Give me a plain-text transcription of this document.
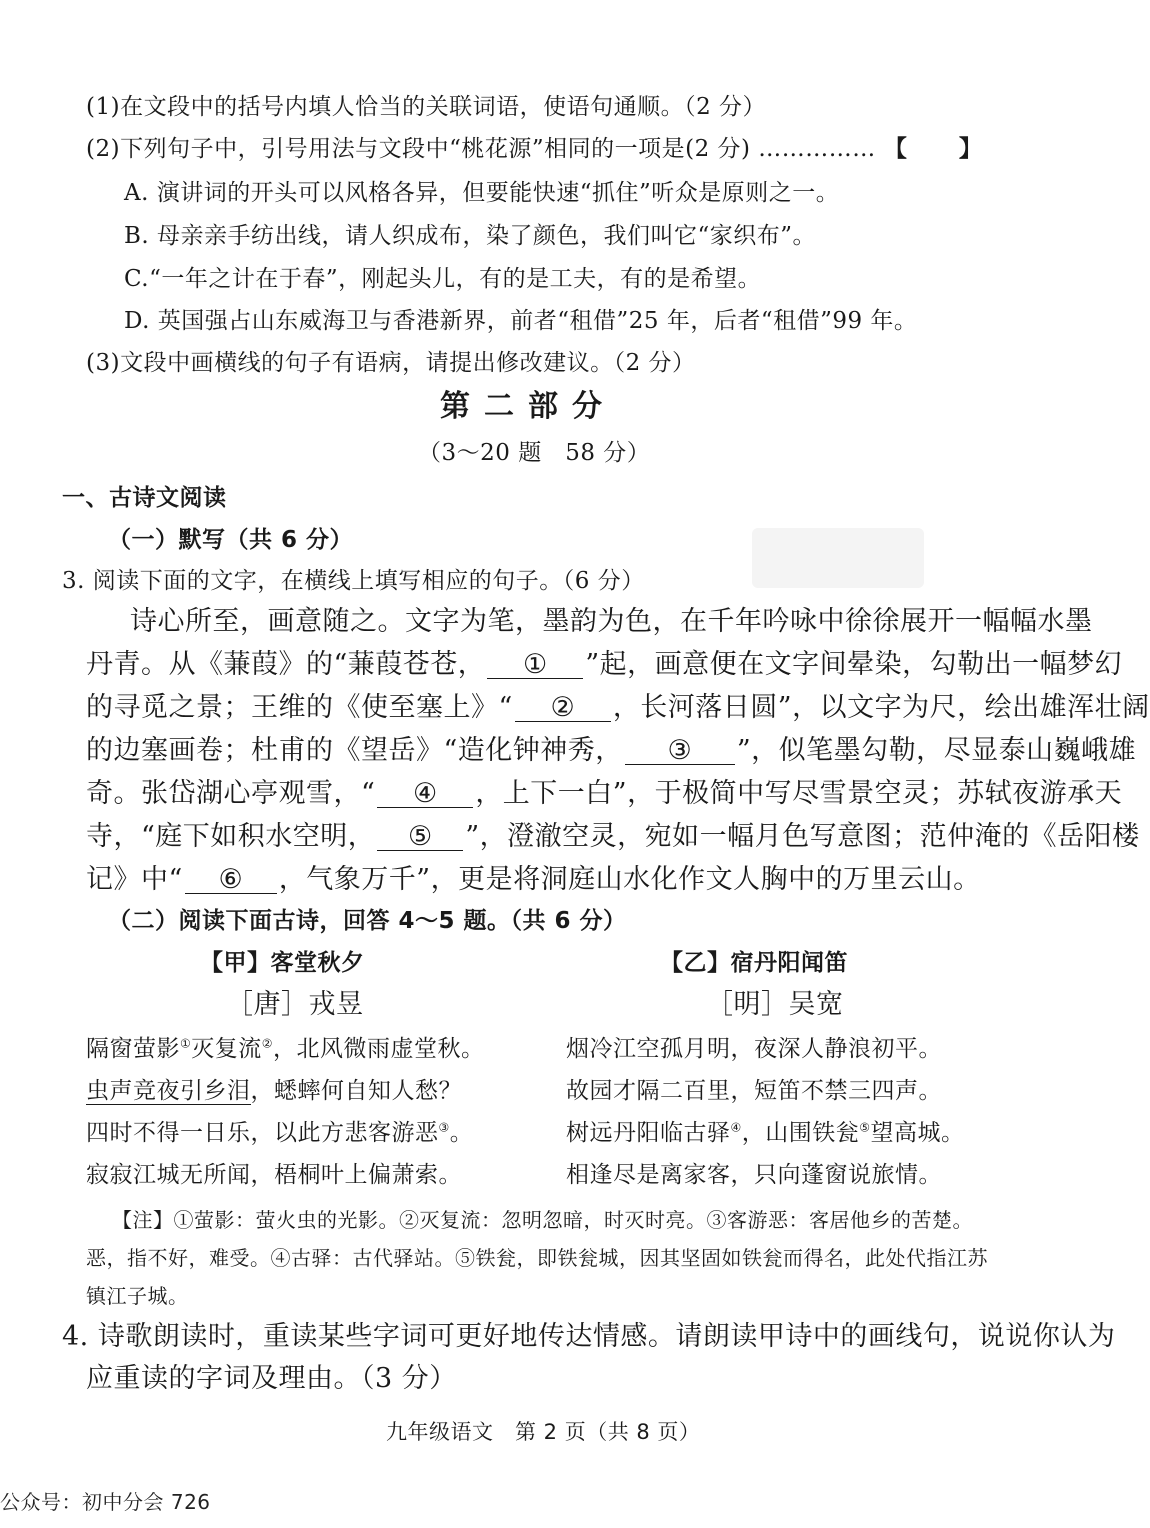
(1)在文段中的括号内填人恰当的关联词语，使语句通顺。（2 分）
(2)下列句子中，引号用法与文段中“桃花源”相同的一项是(2 分) …………… 【 】
A. 演讲词的开头可以风格各异，但要能快速“抓住”听众是原则之一。
B. 母亲亲手纺出线，请人织成布，染了颜色，我们叫它“家织布”。
C.“一年之计在于春”，刚起头儿，有的是工夫，有的是希望。
D. 英国强占山东威海卫与香港新界，前者“租借”25 年，后者“租借”99 年。
(3)文段中画横线的句子有语病，请提出修改建议。（2 分）
第二部分
（3～20 题　58 分）
一、古诗文阅读
（一）默写（共 6 分）
3. 阅读下面的文字，在横线上填写相应的句子。（6 分）
诗心所至，画意随之。文字为笔，墨韵为色，在千年吟咏中徐徐展开一幅幅水墨
丹青。从《蒹葭》的“蒹葭苍苍， ① ”起，画意便在文字间晕染，勾勒出一幅梦幻
的寻觅之景；王维的《使至塞上》“ ② ，长河落日圆”，以文字为尺，绘出雄浑壮阔
的边塞画卷；杜甫的《望岳》“造化钟神秀， ③ ”，似笔墨勾勒，尽显泰山巍峨雄
奇。张岱湖心亭观雪，“ ④ ，上下一白”，于极简中写尽雪景空灵；苏轼夜游承天
寺，“庭下如积水空明， ⑤ ”，澄澈空灵，宛如一幅月色写意图；范仲淹的《岳阳楼
记》中“ ⑥ ，气象万千”，更是将洞庭山水化作文人胸中的万里云山。
（二）阅读下面古诗，回答 4～5 题。（共 6 分）
【甲】客堂秋夕	【乙】宿丹阳闻笛
［唐］戎昱	［明］吴宽
隔窗萤影①灭复流②，北风微雨虚堂秋。
虫声竞夜引乡泪，蟋蟀何自知人愁？
四时不得一日乐，以此方悲客游恶③。
寂寂江城无所闻，梧桐叶上偏萧索。
烟冷江空孤月明，夜深人静浪初平。
故园才隔二百里，短笛不禁三四声。
树远丹阳临古驿④，山围铁瓮⑤望高城。
相逢尽是离家客，只向蓬窗说旅情。
【注】①萤影：萤火虫的光影。②灭复流：忽明忽暗，时灭时亮。③客游恶：客居他乡的苦楚。
恶，指不好，难受。④古驿：古代驿站。⑤铁瓮，即铁瓮城，因其坚固如铁瓮而得名，此处代指江苏
镇江子城。
4. 诗歌朗读时，重读某些字词可更好地传达情感。请朗读甲诗中的画线句，说说你认为
应重读的字词及理由。（3 分）
九年级语文　第 2 页（共 8 页）
公众号：初中分会 726
